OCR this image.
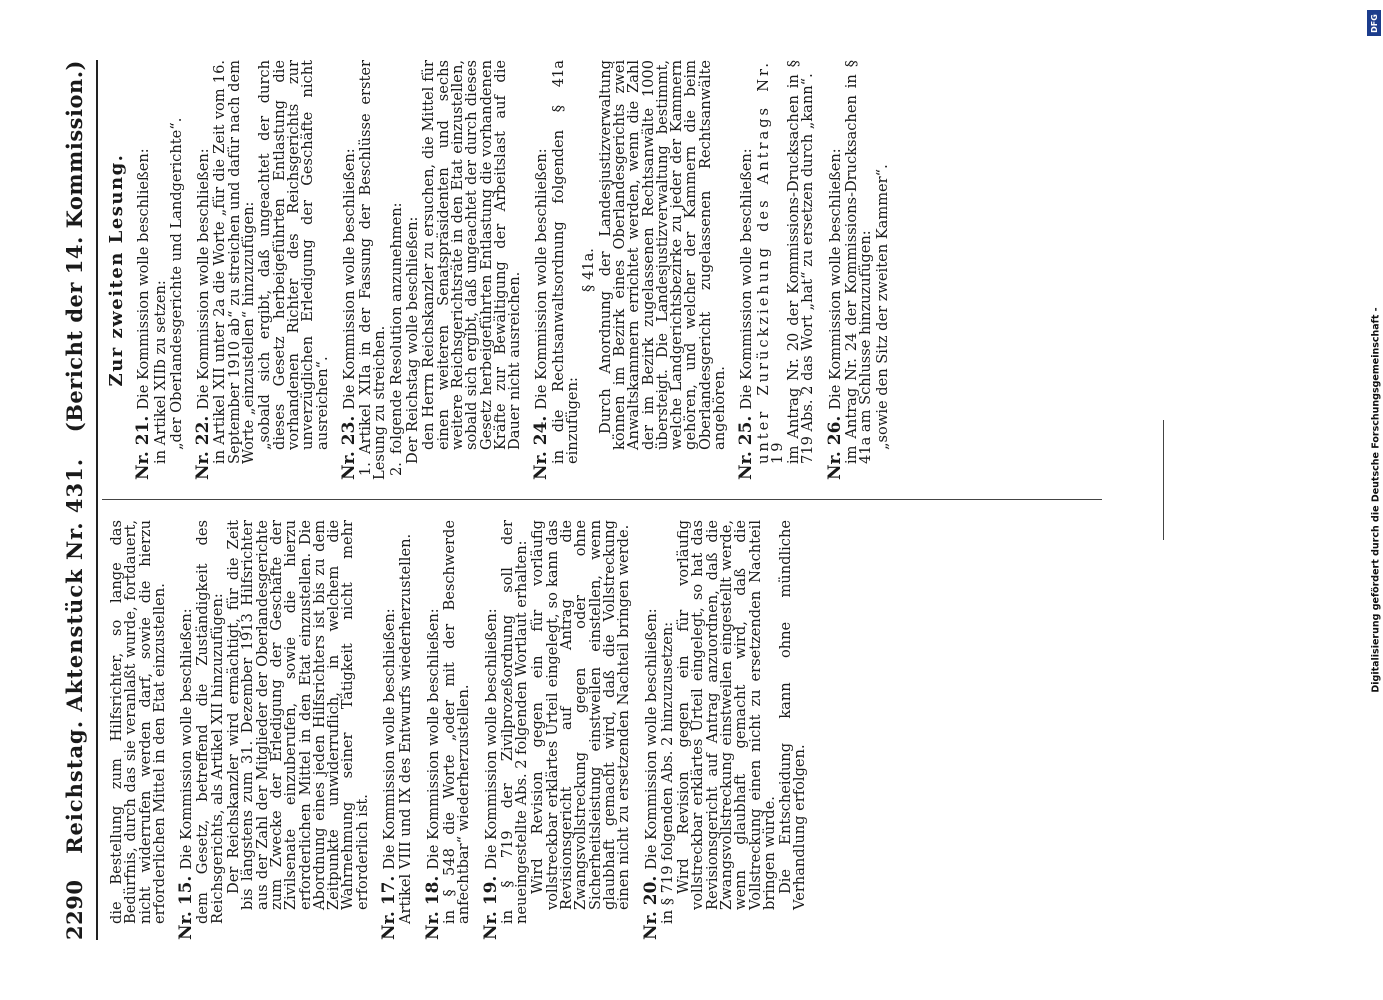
2290
Reichstag. Aktenstück Nr. 431.
(Bericht der 14. Kommission.)
die Bestellung zum Hilfsrichter, so lange das Bedürfnis, durch das sie veranlaßt wurde, fortdauert, nicht widerrufen werden darf, sowie die hierzu erforderlichen Mittel in den Etat einzustellen. Nr. 15.Die Kommission wolle beschließen: dem Gesetz, betreffend die Zuständigkeit des Reichsgerichts, als Artikel XII hinzuzufügen: Der Reichskanzler wird ermächtigt, für die Zeit bis längstens zum 31. Dezember 1913 Hilfsrichter aus der Zahl der Mitglieder der Oberlandesgerichte zum Zwecke der Erledigung der Geschäfte der Zivilsenate einzuberufen, sowie die hierzu erforderlichen Mittel in den Etat einzustellen. Die Abordnung eines jeden Hilfsrichters ist bis zu dem Zeitpunkte unwiderruflich, in welchem die Wahrnehmung seiner Tätigkeit nicht mehr erforderlich ist. Nr. 17.Die Kommission wolle beschließen: Artikel VIII und IX des Entwurfs wiederherzustellen. Nr. 18.Die Kommission wolle beschließen: in § 548 die Worte „oder mit der Beschwerde anfechtbar“ wiederherzustellen. Nr. 19.Die Kommission wolle beschließen: in § 719 der Zivilprozeßordnung soll der neueingestellte Abs. 2 folgenden Wortlaut erhalten: Wird Revision gegen ein für vorläufig vollstreckbar erklärtes Urteil eingelegt, so kann das Revisionsgericht auf Antrag die Zwangsvollstreckung gegen oder ohne Sicherheitsleistung einstweilen einstellen, wenn glaubhaft gemacht wird, daß die Vollstreckung einen nicht zu ersetzenden Nachteil bringen werde. Nr. 20.Die Kommission wolle beschließen: in § 719 folgenden Abs. 2 hinzuzusetzen: Wird Revision gegen ein für vorläufig vollstreckbar erklärtes Urteil eingelegt, so hat das Revisionsgericht auf Antrag anzuordnen, daß die Zwangsvollstreckung einstweilen eingestellt werde, wenn glaubhaft gemacht wird, daß die Vollstreckung einen nicht zu ersetzenden Nachteil bringen würde. Die Entscheidung kann ohne mündliche Verhandlung erfolgen.
Zur zweiten Lesung.
Nr. 21.Die Kommission wolle beschließen: in Artikel XIIb zu setzen: „der Oberlandesgerichte und Landgerichte“. Nr. 22.Die Kommission wolle beschließen: in Artikel XII unter 2a die Worte „für die Zeit vom 16. September 1910 ab“ zu streichen und dafür nach dem Worte „einzustellen“ hinzuzufügen: „sobald sich ergibt, daß ungeachtet der durch dieses Gesetz herbeigeführten Entlastung die vorhandenen Richter des Reichsgerichts zur unverzüglichen Erledigung der Geschäfte nicht ausreichen“. Nr. 23.Die Kommission wolle beschließen:
1.Artikel XIIa in der Fassung der Beschlüsse erster Lesung zu streichen. 2.folgende Resolution anzunehmen: Der Reichstag wolle beschließen: den Herrn Reichskanzler zu ersuchen, die Mittel für einen weiteren Senatspräsidenten und sechs weitere Reichsgerichtsräte in den Etat einzustellen, sobald sich ergibt, daß ungeachtet der durch dieses Gesetz herbeigeführten Entlastung die vorhandenen Kräfte zur Bewältigung der Arbeitslast auf die Dauer nicht ausreichen. Nr. 24.Die Kommission wolle beschließen: in die Rechtsanwaltsordnung folgenden § 41a einzufügen:
§ 41a. Durch Anordnung der Landesjustizverwaltung können im Bezirk eines Oberlandesgerichts zwei Anwaltskammern errichtet werden, wenn die Zahl der im Bezirk zugelassenen Rechtsanwälte 1000 übersteigt. Die Landesjustizverwaltung bestimmt, welche Landgerichtsbezirke zu jeder der Kammern gehören, und welcher der Kammern die beim Oberlandesgericht zugelassenen Rechtsanwälte angehören. Nr. 25.Die Kommission wolle beschließen: unter Zurückziehung des Antrags Nr. 19 im Antrag Nr. 20 der Kommissions-Drucksachen in § 719 Abs. 2 das Wort „hat“ zu ersetzen durch „kann“. Nr. 26.Die Kommission wolle beschließen: im Antrag Nr. 24 der Kommissions-Drucksachen in § 41a am Schlusse hinzuzufügen: „sowie den Sitz der zweiten Kammer“.
DFG
Digitalisierung gefördert durch die Deutsche Forschungsgemeinschaft -
